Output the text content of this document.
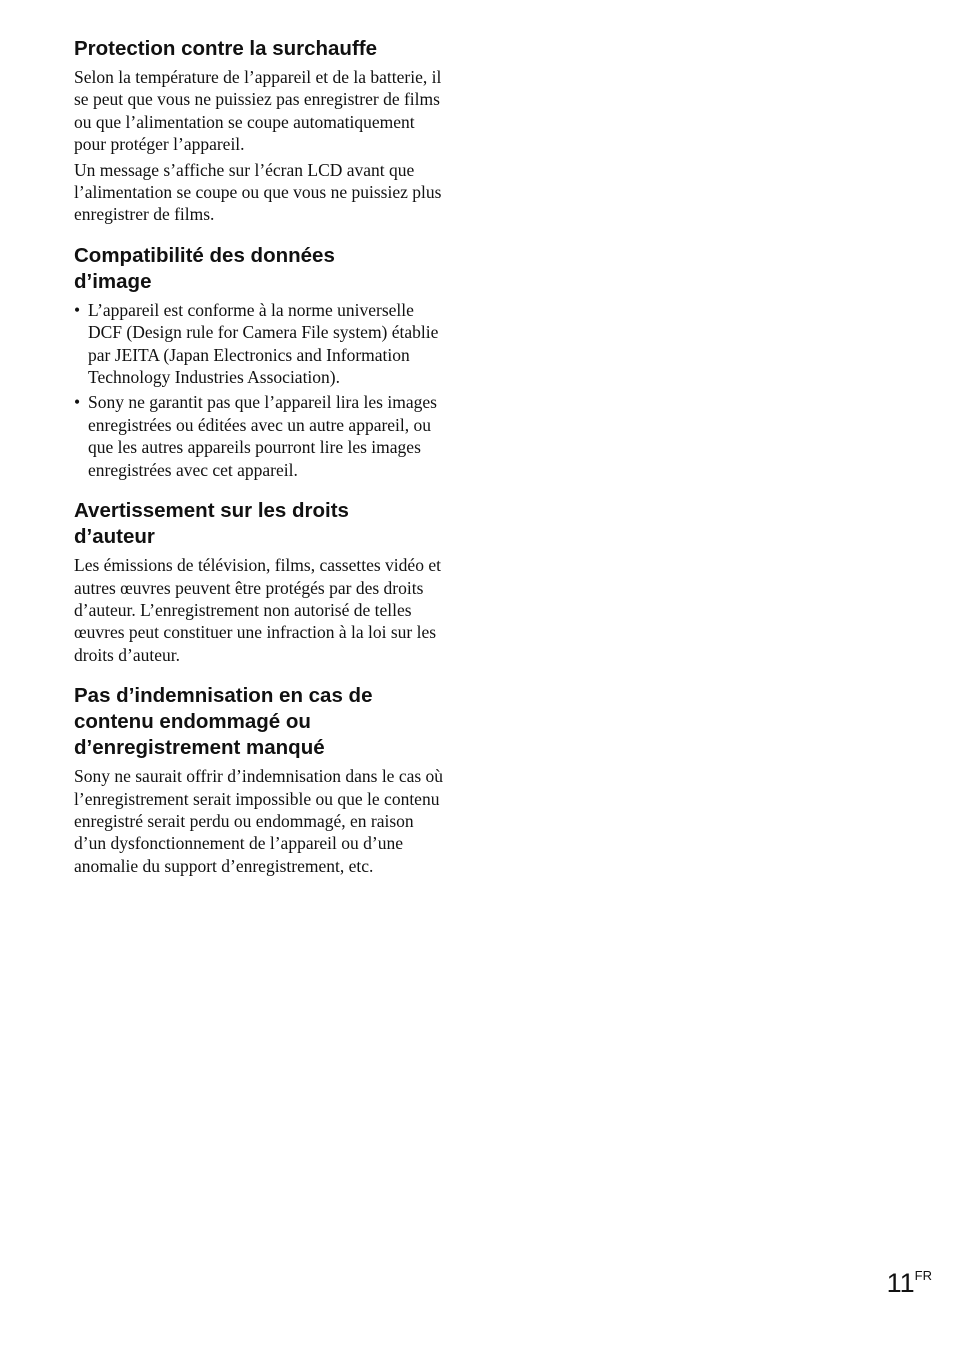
Protection contre la surchauffe

Selon la température de l’appareil et de la batterie, il se peut que vous ne puissiez pas enregistrer de films ou que l’alimentation se coupe automatiquement pour protéger l’appareil.

Un message s’affiche sur l’écran LCD avant que l’alimentation se coupe ou que vous ne puissiez plus enregistrer de films.

Compatibilité des données d’image
• L’appareil est conforme à la norme universelle DCF (Design rule for Camera File system) établie par JEITA (Japan Electronics and Information Technology Industries Association).
• Sony ne garantit pas que l’appareil lira les images enregistrées ou éditées avec un autre appareil, ou que les autres appareils pourront lire les images enregistrées avec cet appareil.
Avertissement sur les droits d’auteur

Les émissions de télévision, films, cassettes vidéo et autres œuvres peuvent être protégés par des droits d’auteur. L’enregistrement non autorisé de telles œuvres peut constituer une infraction à la loi sur les droits d’auteur.

Pas d’indemnisation en cas de contenu endommagé ou d’enregistrement manqué

Sony ne saurait offrir d’indemnisation dans le cas où l’enregistrement serait impossible ou que le contenu enregistré serait perdu ou endommagé, en raison d’un dysfonctionnement de l’appareil ou d’une anomalie du support d’enregistrement, etc.

$11^{FR}$
